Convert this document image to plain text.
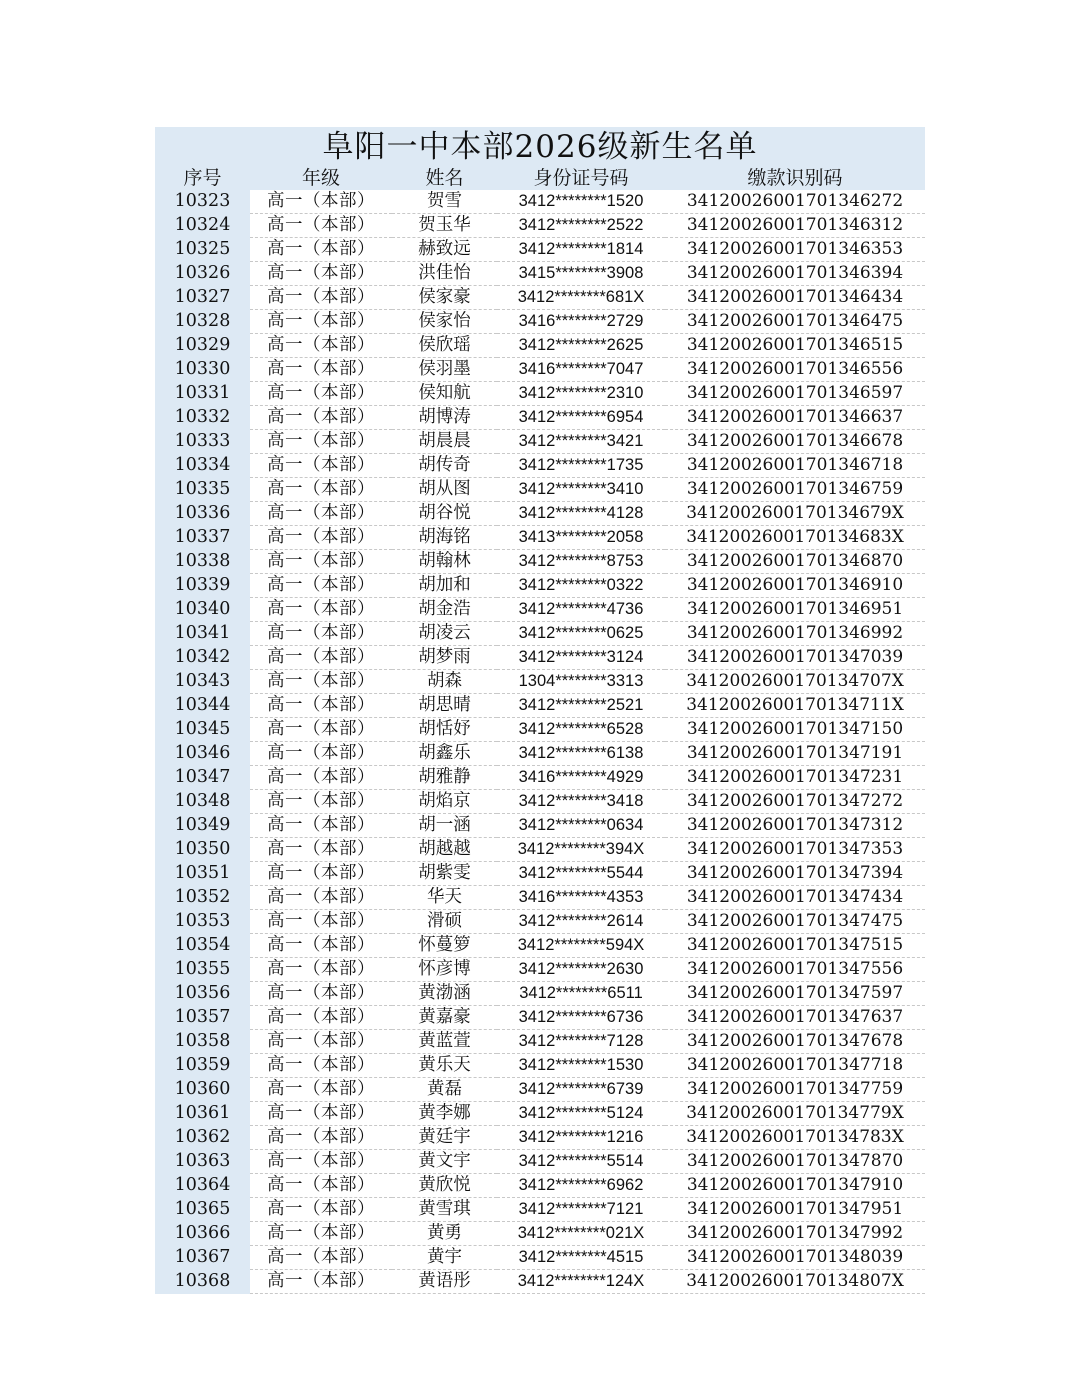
阜阳一中本部2026级新生名单
序号	年级	姓名	身份证号码	缴款识别码
10323	高一（本部）	贺雪	3412********1520	34120026001701346272
10324	高一（本部）	贺玉华	3412********2522	34120026001701346312
10325	高一（本部）	赫致远	3412********1814	34120026001701346353
10326	高一（本部）	洪佳怡	3415********3908	34120026001701346394
10327	高一（本部）	侯家豪	3412********681X	34120026001701346434
10328	高一（本部）	侯家怡	3416********2729	34120026001701346475
10329	高一（本部）	侯欣瑶	3412********2625	34120026001701346515
10330	高一（本部）	侯羽墨	3416********7047	34120026001701346556
10331	高一（本部）	侯知航	3412********2310	34120026001701346597
10332	高一（本部）	胡博涛	3412********6954	34120026001701346637
10333	高一（本部）	胡晨晨	3412********3421	34120026001701346678
10334	高一（本部）	胡传奇	3412********1735	34120026001701346718
10335	高一（本部）	胡从图	3412********3410	34120026001701346759
10336	高一（本部）	胡谷悦	3412********4128	3412002600170134679X
10337	高一（本部）	胡海铭	3413********2058	3412002600170134683X
10338	高一（本部）	胡翰林	3412********8753	34120026001701346870
10339	高一（本部）	胡加和	3412********0322	34120026001701346910
10340	高一（本部）	胡金浩	3412********4736	34120026001701346951
10341	高一（本部）	胡凌云	3412********0625	34120026001701346992
10342	高一（本部）	胡梦雨	3412********3124	34120026001701347039
10343	高一（本部）	胡森	1304********3313	3412002600170134707X
10344	高一（本部）	胡思晴	3412********2521	3412002600170134711X
10345	高一（本部）	胡恬妤	3412********6528	34120026001701347150
10346	高一（本部）	胡鑫乐	3412********6138	34120026001701347191
10347	高一（本部）	胡雅静	3416********4929	34120026001701347231
10348	高一（本部）	胡焰京	3412********3418	34120026001701347272
10349	高一（本部）	胡一涵	3412********0634	34120026001701347312
10350	高一（本部）	胡越越	3412********394X	34120026001701347353
10351	高一（本部）	胡紫雯	3412********5544	34120026001701347394
10352	高一（本部）	华天	3416********4353	34120026001701347434
10353	高一（本部）	滑硕	3412********2614	34120026001701347475
10354	高一（本部）	怀蔓箩	3412********594X	34120026001701347515
10355	高一（本部）	怀彦博	3412********2630	34120026001701347556
10356	高一（本部）	黄渤涵	3412********6511	34120026001701347597
10357	高一（本部）	黄嘉豪	3412********6736	34120026001701347637
10358	高一（本部）	黄蓝萱	3412********7128	34120026001701347678
10359	高一（本部）	黄乐天	3412********1530	34120026001701347718
10360	高一（本部）	黄磊	3412********6739	34120026001701347759
10361	高一（本部）	黄李娜	3412********5124	3412002600170134779X
10362	高一（本部）	黄廷宇	3412********1216	3412002600170134783X
10363	高一（本部）	黄文宇	3412********5514	34120026001701347870
10364	高一（本部）	黄欣悦	3412********6962	34120026001701347910
10365	高一（本部）	黄雪琪	3412********7121	34120026001701347951
10366	高一（本部）	黄勇	3412********021X	34120026001701347992
10367	高一（本部）	黄宇	3412********4515	34120026001701348039
10368	高一（本部）	黄语彤	3412********124X	3412002600170134807X
